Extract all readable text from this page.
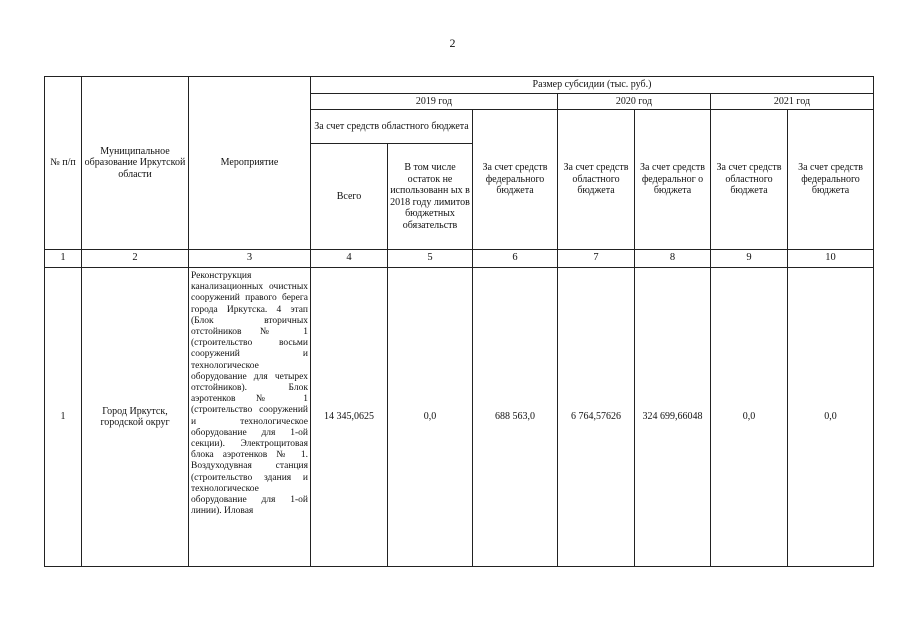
2
№ п/п	Муниципальное образование Иркутской области	Мероприятие	Размер субсидии (тыс. руб.)						
			2019 год			2020 год		2021 год	
			За счет средств областного бюджета		За счет средств федерального бюджета	За счет средств областного бюджета	За счет средств федеральног о бюджета	За счет средств областного бюджета	За счет средств федерального бюджета
			Всего	В том числе остаток не использованн ых в 2018 году лимитов бюджетных обязательств					
1	2	3	4	5	6	7	8	9	10
1	Город Иркутск, городской округ	Реконструкция канализационных очистных сооружений правого берега города Иркутска. 4 этап (Блок вторичных отстойников № 1 (строительство восьми сооружений и технологическое оборудование для четырех отстойников). Блок аэротенков № 1 (строительство сооружений и технологическое оборудование для 1-ой секции). Электрощитовая блока аэротенков № 1. Воздуходувная станция (строительство здания и технологическое оборудование для 1-ой линии). Иловая	14 345,0625	0,0	688 563,0	6 764,57626	324 699,66048	0,0	0,0
